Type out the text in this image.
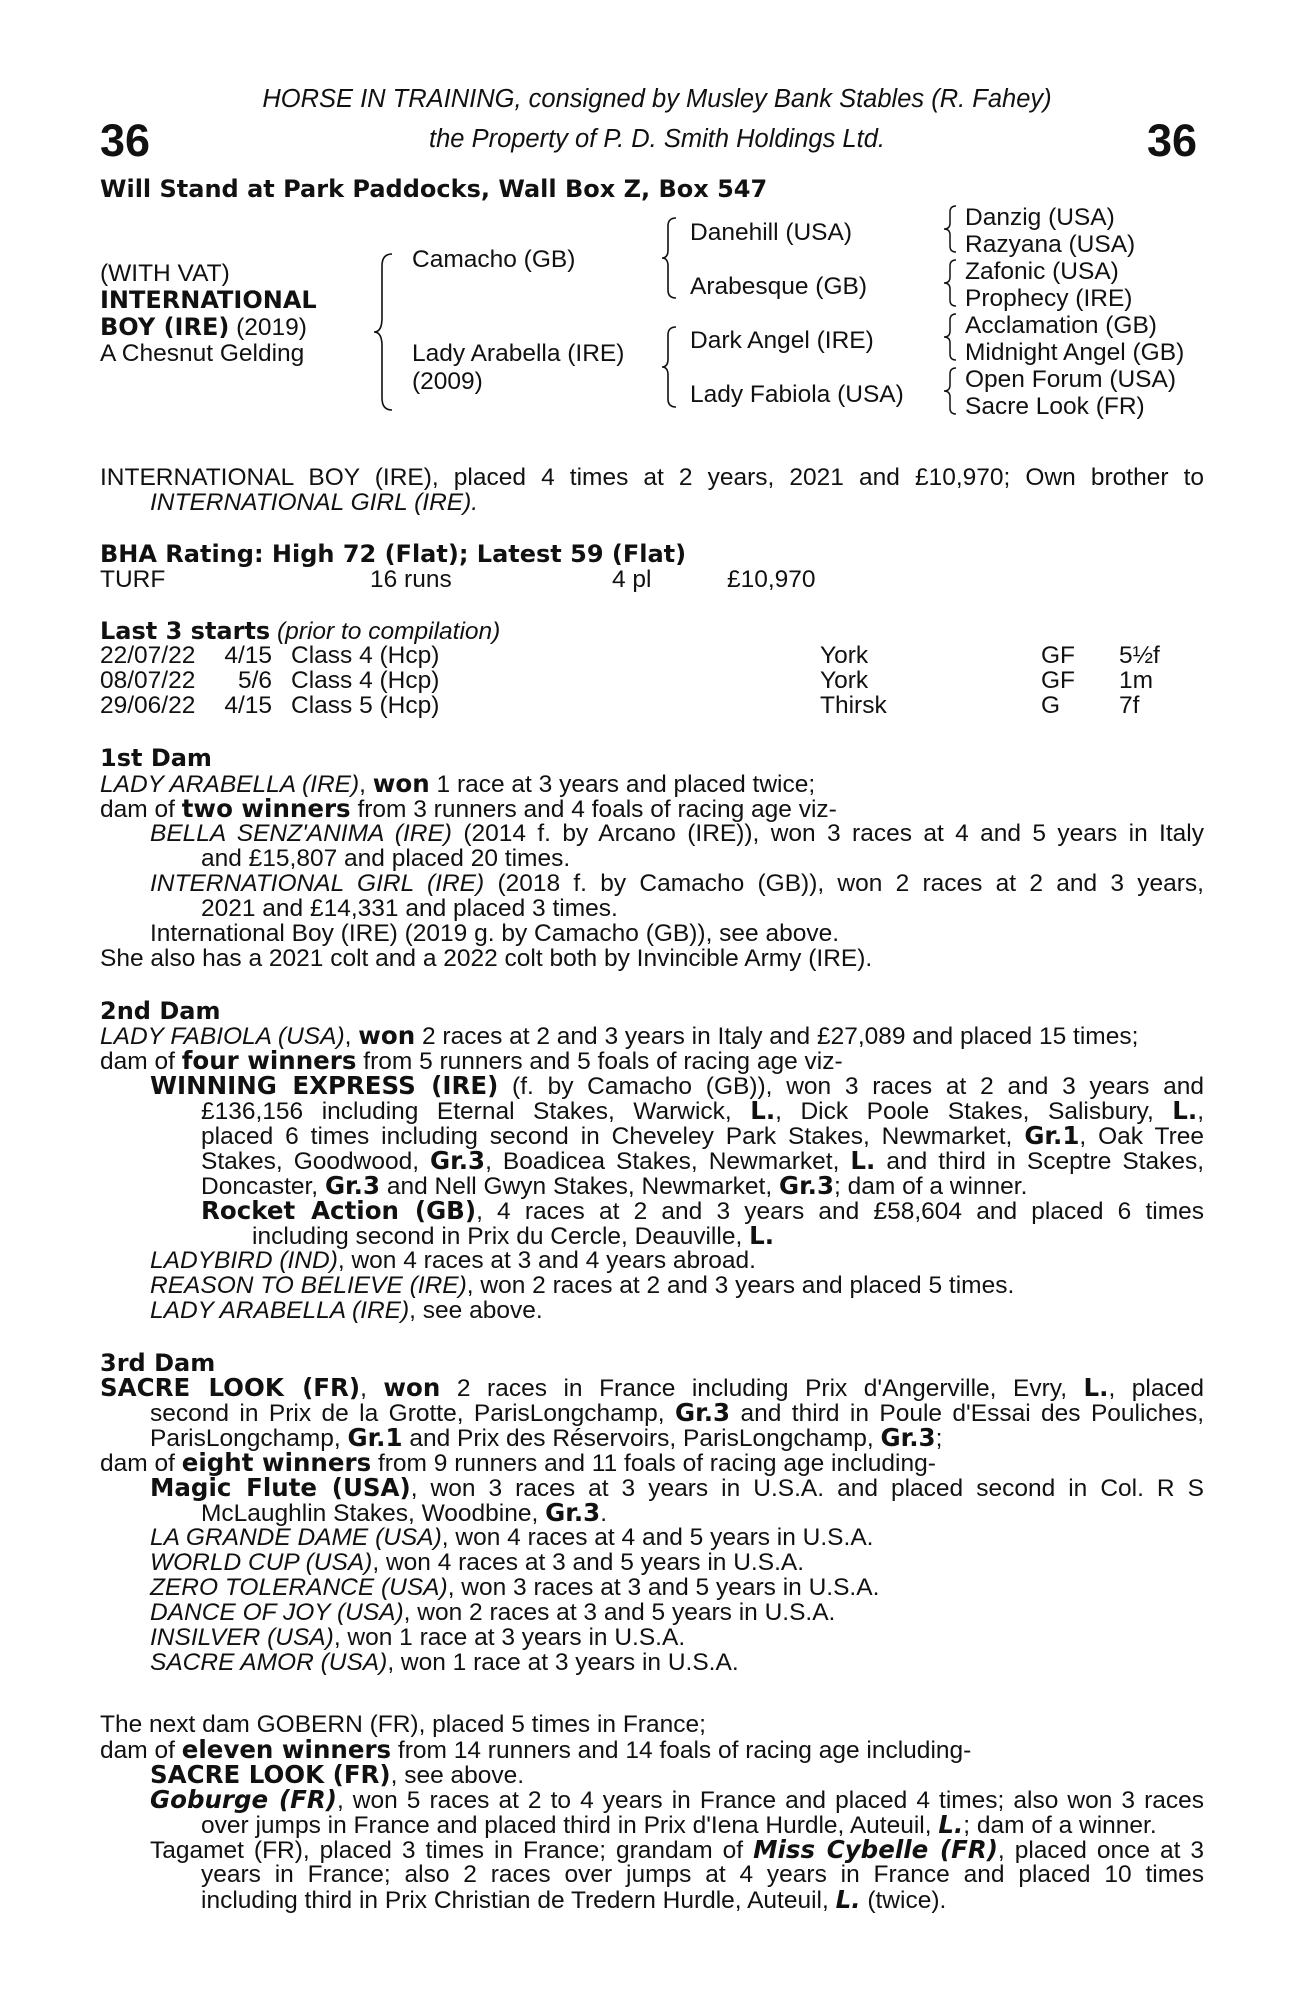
36	36
HORSE IN TRAINING, consigned by Musley Bank Stables (R. Fahey)
the Property of P. D. Smith Holdings Ltd.
Will Stand at Park Paddocks, Wall Box Z, Box 547
(WITH VAT)
INTERNATIONAL
BOY (IRE) (2019)
A Chesnut Gelding
Camacho (GB)
Lady Arabella (IRE)
(2009)
Danehill (USA)
Arabesque (GB)
Dark Angel (IRE)
Lady Fabiola (USA)
Danzig (USA)
Razyana (USA)
Zafonic (USA)
Prophecy (IRE)
Acclamation (GB)
Midnight Angel (GB)
Open Forum (USA)
Sacre Look (FR)
INTERNATIONAL BOY (IRE), placed 4 times at 2 years, 2021 and £10,970; Own brother to
INTERNATIONAL GIRL (IRE).
BHA Rating: High 72 (Flat); Latest 59 (Flat)
TURF	16 runs	4 pl	£10,970
Last 3 starts (prior to compilation)
22/07/22 4/15 Class 4 (Hcp)	York	GF 5½f
08/07/22	5/6 Class 4 (Hcp)	York	GF 1m
29/06/22 4/15 Class 5 (Hcp)	Thirsk	G 7f
1st Dam
LADY ARABELLA (IRE), won 1 race at 3 years and placed twice;
dam of two winners from 3 runners and 4 foals of racing age viz-
BELLA SENZ'ANIMA (IRE) (2014 f. by Arcano (IRE)), won 3 races at 4 and 5 years in Italy
and £15,807 and placed 20 times.
INTERNATIONAL GIRL (IRE) (2018 f. by Camacho (GB)), won 2 races at 2 and 3 years,
2021 and £14,331 and placed 3 times.
International Boy (IRE) (2019 g. by Camacho (GB)), see above.
She also has a 2021 colt and a 2022 colt both by Invincible Army (IRE).
2nd Dam
LADY FABIOLA (USA), won 2 races at 2 and 3 years in Italy and £27,089 and placed 15 times;
dam of four winners from 5 runners and 5 foals of racing age viz-
WINNING EXPRESS (IRE) (f. by Camacho (GB)), won 3 races at 2 and 3 years and
£136,156 including Eternal Stakes, Warwick, L., Dick Poole Stakes, Salisbury, L.,
placed 6 times including second in Cheveley Park Stakes, Newmarket, Gr.1, Oak Tree
Stakes, Goodwood, Gr.3, Boadicea Stakes, Newmarket, L. and third in Sceptre Stakes,
Doncaster, Gr.3 and Nell Gwyn Stakes, Newmarket, Gr.3; dam of a winner.
Rocket Action (GB), 4 races at 2 and 3 years and £58,604 and placed 6 times
including second in Prix du Cercle, Deauville, L.
LADYBIRD (IND), won 4 races at 3 and 4 years abroad.
REASON TO BELIEVE (IRE), won 2 races at 2 and 3 years and placed 5 times.
LADY ARABELLA (IRE), see above.
3rd Dam
SACRE LOOK (FR), won 2 races in France including Prix d'Angerville, Evry, L., placed
second in Prix de la Grotte, ParisLongchamp, Gr.3 and third in Poule d'Essai des Pouliches,
ParisLongchamp, Gr.1 and Prix des Réservoirs, ParisLongchamp, Gr.3;
dam of eight winners from 9 runners and 11 foals of racing age including-
Magic Flute (USA), won 3 races at 3 years in U.S.A. and placed second in Col. R S
McLaughlin Stakes, Woodbine, Gr.3.
LA GRANDE DAME (USA), won 4 races at 4 and 5 years in U.S.A.
WORLD CUP (USA), won 4 races at 3 and 5 years in U.S.A.
ZERO TOLERANCE (USA), won 3 races at 3 and 5 years in U.S.A.
DANCE OF JOY (USA), won 2 races at 3 and 5 years in U.S.A.
INSILVER (USA), won 1 race at 3 years in U.S.A.
SACRE AMOR (USA), won 1 race at 3 years in U.S.A.
The next dam GOBERN (FR), placed 5 times in France;
dam of eleven winners from 14 runners and 14 foals of racing age including-
SACRE LOOK (FR), see above.
Goburge (FR), won 5 races at 2 to 4 years in France and placed 4 times; also won 3 races
over jumps in France and placed third in Prix d'Iena Hurdle, Auteuil, L.; dam of a winner.
Tagamet (FR), placed 3 times in France; grandam of Miss Cybelle (FR), placed once at 3
years in France; also 2 races over jumps at 4 years in France and placed 10 times
including third in Prix Christian de Tredern Hurdle, Auteuil, L. (twice).
